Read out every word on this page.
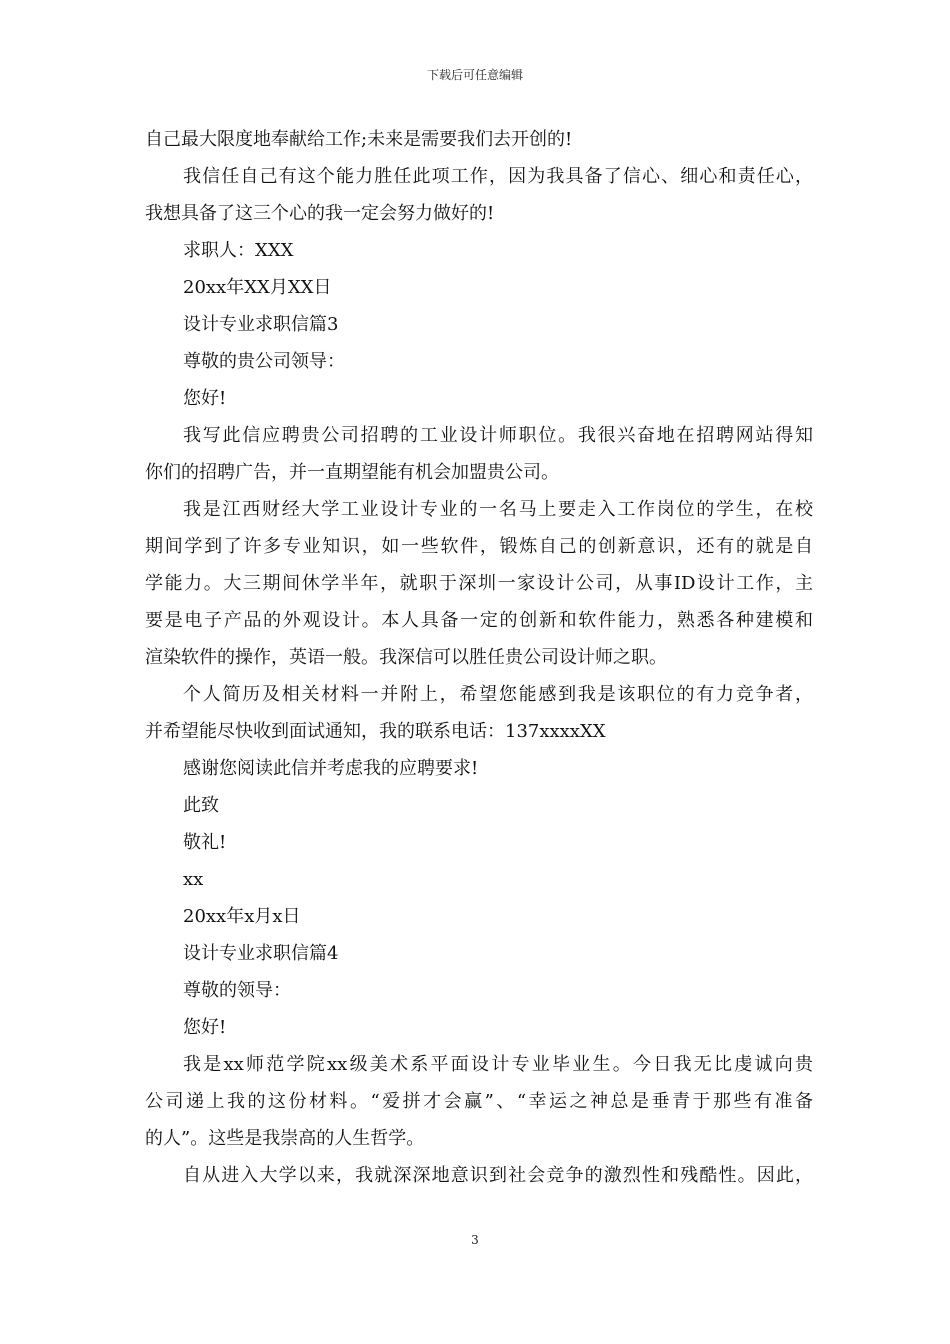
下载后可任意编辑
自己最大限度地奉献给工作;未来是需要我们去开创的!
我信任自己有这个能力胜任此项工作，因为我具备了信心、细心和责任心，
我想具备了这三个心的我一定会努力做好的!
求职人：XXX
20xx年XX月XX日
设计专业求职信篇3
尊敬的贵公司领导：
您好!
我写此信应聘贵公司招聘的工业设计师职位。我很兴奋地在招聘网站得知
你们的招聘广告，并一直期望能有机会加盟贵公司。
我是江西财经大学工业设计专业的一名马上要走入工作岗位的学生，在校
期间学到了许多专业知识，如一些软件，锻炼自己的创新意识，还有的就是自
学能力。大三期间休学半年，就职于深圳一家设计公司，从事ID设计工作，主
要是电子产品的外观设计。本人具备一定的创新和软件能力，熟悉各种建模和
渲染软件的操作，英语一般。我深信可以胜任贵公司设计师之职。
个人简历及相关材料一并附上，希望您能感到我是该职位的有力竞争者，
并希望能尽快收到面试通知，我的联系电话：137xxxxXX
感谢您阅读此信并考虑我的应聘要求!
此致
敬礼!
xx
20xx年x月x日
设计专业求职信篇4
尊敬的领导：
您好!
我是xx师范学院xx级美术系平面设计专业毕业生。今日我无比虔诚向贵
公司递上我的这份材料。“爱拼才会赢”、“幸运之神总是垂青于那些有准备
的人”。这些是我崇高的人生哲学。
自从进入大学以来，我就深深地意识到社会竞争的激烈性和残酷性。因此，
3
